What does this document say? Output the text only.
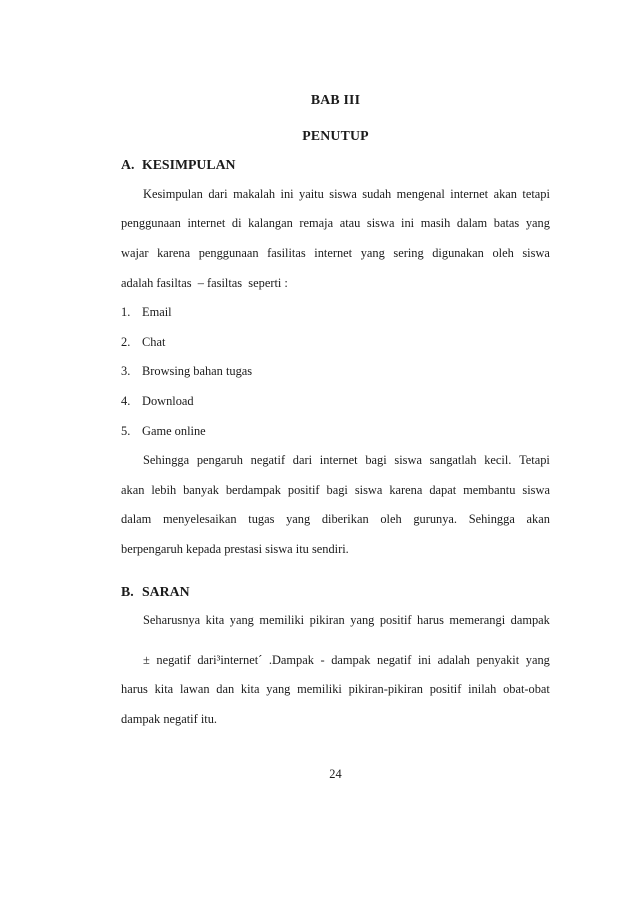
BAB III
PENUTUP
A. KESIMPULAN
Kesimpulan dari makalah ini yaitu siswa sudah mengenal internet akan tetapi
penggunaan internet di kalangan remaja atau siswa ini masih dalam batas yang
wajar karena penggunaan fasilitas internet yang sering digunakan oleh siswa
adalah fasiltas  – fasiltas  seperti :
1. Email
2. Chat
3. Browsing bahan tugas
4. Download
5. Game online
Sehingga pengaruh negatif dari internet bagi siswa sangatlah kecil. Tetapi
akan lebih banyak berdampak positif bagi siswa karena dapat membantu siswa
dalam menyelesaikan tugas yang diberikan oleh gurunya. Sehingga akan
berpengaruh kepada prestasi siswa itu sendiri.
B. SARAN
Seharusnya kita yang memiliki pikiran yang positif harus memerangi dampak
± negatif dari³internet´ .Dampak - dampak negatif ini adalah penyakit yang
harus kita lawan dan kita yang memiliki pikiran-pikiran positif inilah obat-obat
dampak negatif itu.
24
